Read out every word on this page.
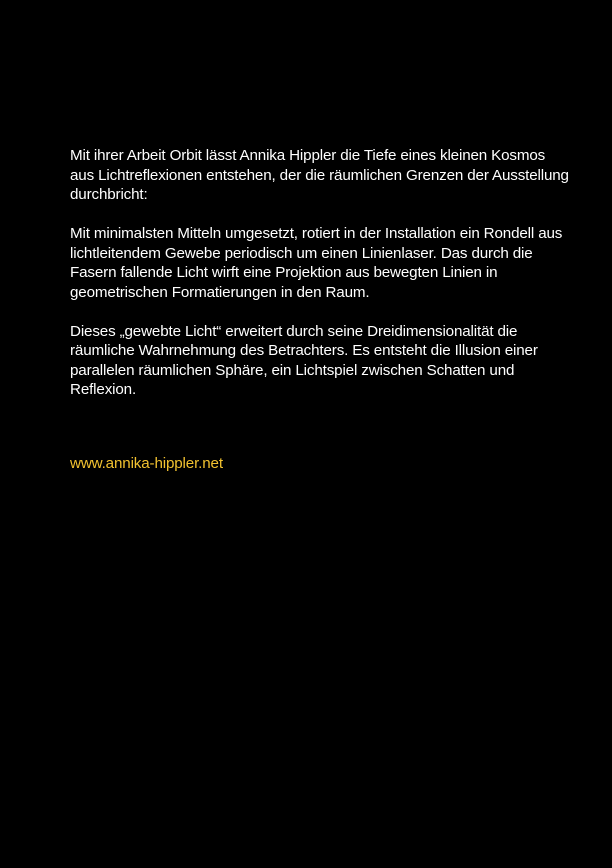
Mit ihrer Arbeit Orbit lässt Annika Hippler die Tiefe eines kleinen Kosmos aus Lichtreflexionen entstehen, der die räumlichen Grenzen der Ausstellung durchbricht:

Mit minimalsten Mitteln umgesetzt, rotiert in der Installation ein Rondell aus lichtleitendem Gewebe periodisch um einen Linienlaser. Das durch die Fasern fallende Licht wirft eine Projektion aus bewegten Linien in geometrischen Formatierungen in den Raum.

Dieses „gewebte Licht“ erweitert durch seine Dreidimensionalität die räumliche Wahrnehmung des Betrachters. Es entsteht die Illusion einer parallelen räumlichen Sphäre, ein Lichtspiel zwischen Schatten und Reflexion.

www.annika-hippler.net
